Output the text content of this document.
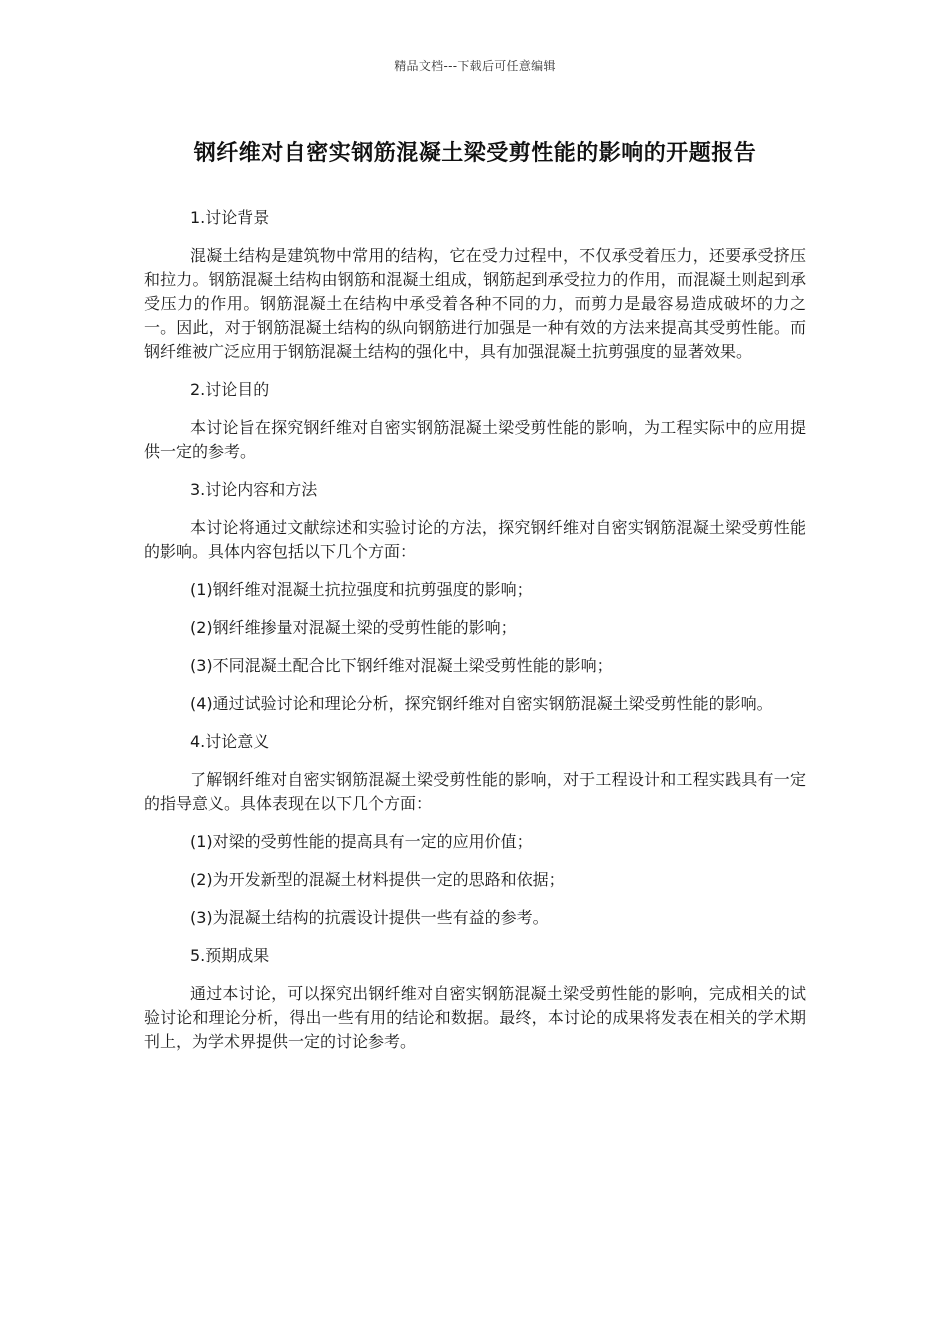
精品文档---下载后可任意编辑
钢纤维对自密实钢筋混凝土梁受剪性能的影响的开题报告
1.讨论背景

混凝土结构是建筑物中常用的结构，它在受力过程中，不仅承受着压力，还要承受挤压和拉力。钢筋混凝土结构由钢筋和混凝土组成，钢筋起到承受拉力的作用，而混凝土则起到承受压力的作用。钢筋混凝土在结构中承受着各种不同的力，而剪力是最容易造成破坏的力之一。因此，对于钢筋混凝土结构的纵向钢筋进行加强是一种有效的方法来提高其受剪性能。而钢纤维被广泛应用于钢筋混凝土结构的强化中，具有加强混凝土抗剪强度的显著效果。

2.讨论目的

本讨论旨在探究钢纤维对自密实钢筋混凝土梁受剪性能的影响，为工程实际中的应用提供一定的参考。

3.讨论内容和方法

本讨论将通过文献综述和实验讨论的方法，探究钢纤维对自密实钢筋混凝土梁受剪性能的影响。具体内容包括以下几个方面：

(1)钢纤维对混凝土抗拉强度和抗剪强度的影响；

(2)钢纤维掺量对混凝土梁的受剪性能的影响；

(3)不同混凝土配合比下钢纤维对混凝土梁受剪性能的影响；

(4)通过试验讨论和理论分析，探究钢纤维对自密实钢筋混凝土梁受剪性能的影响。

4.讨论意义

了解钢纤维对自密实钢筋混凝土梁受剪性能的影响，对于工程设计和工程实践具有一定的指导意义。具体表现在以下几个方面：

(1)对梁的受剪性能的提高具有一定的应用价值；

(2)为开发新型的混凝土材料提供一定的思路和依据；

(3)为混凝土结构的抗震设计提供一些有益的参考。

5.预期成果

通过本讨论，可以探究出钢纤维对自密实钢筋混凝土梁受剪性能的影响，完成相关的试验讨论和理论分析，得出一些有用的结论和数据。最终，本讨论的成果将发表在相关的学术期刊上，为学术界提供一定的讨论参考。
